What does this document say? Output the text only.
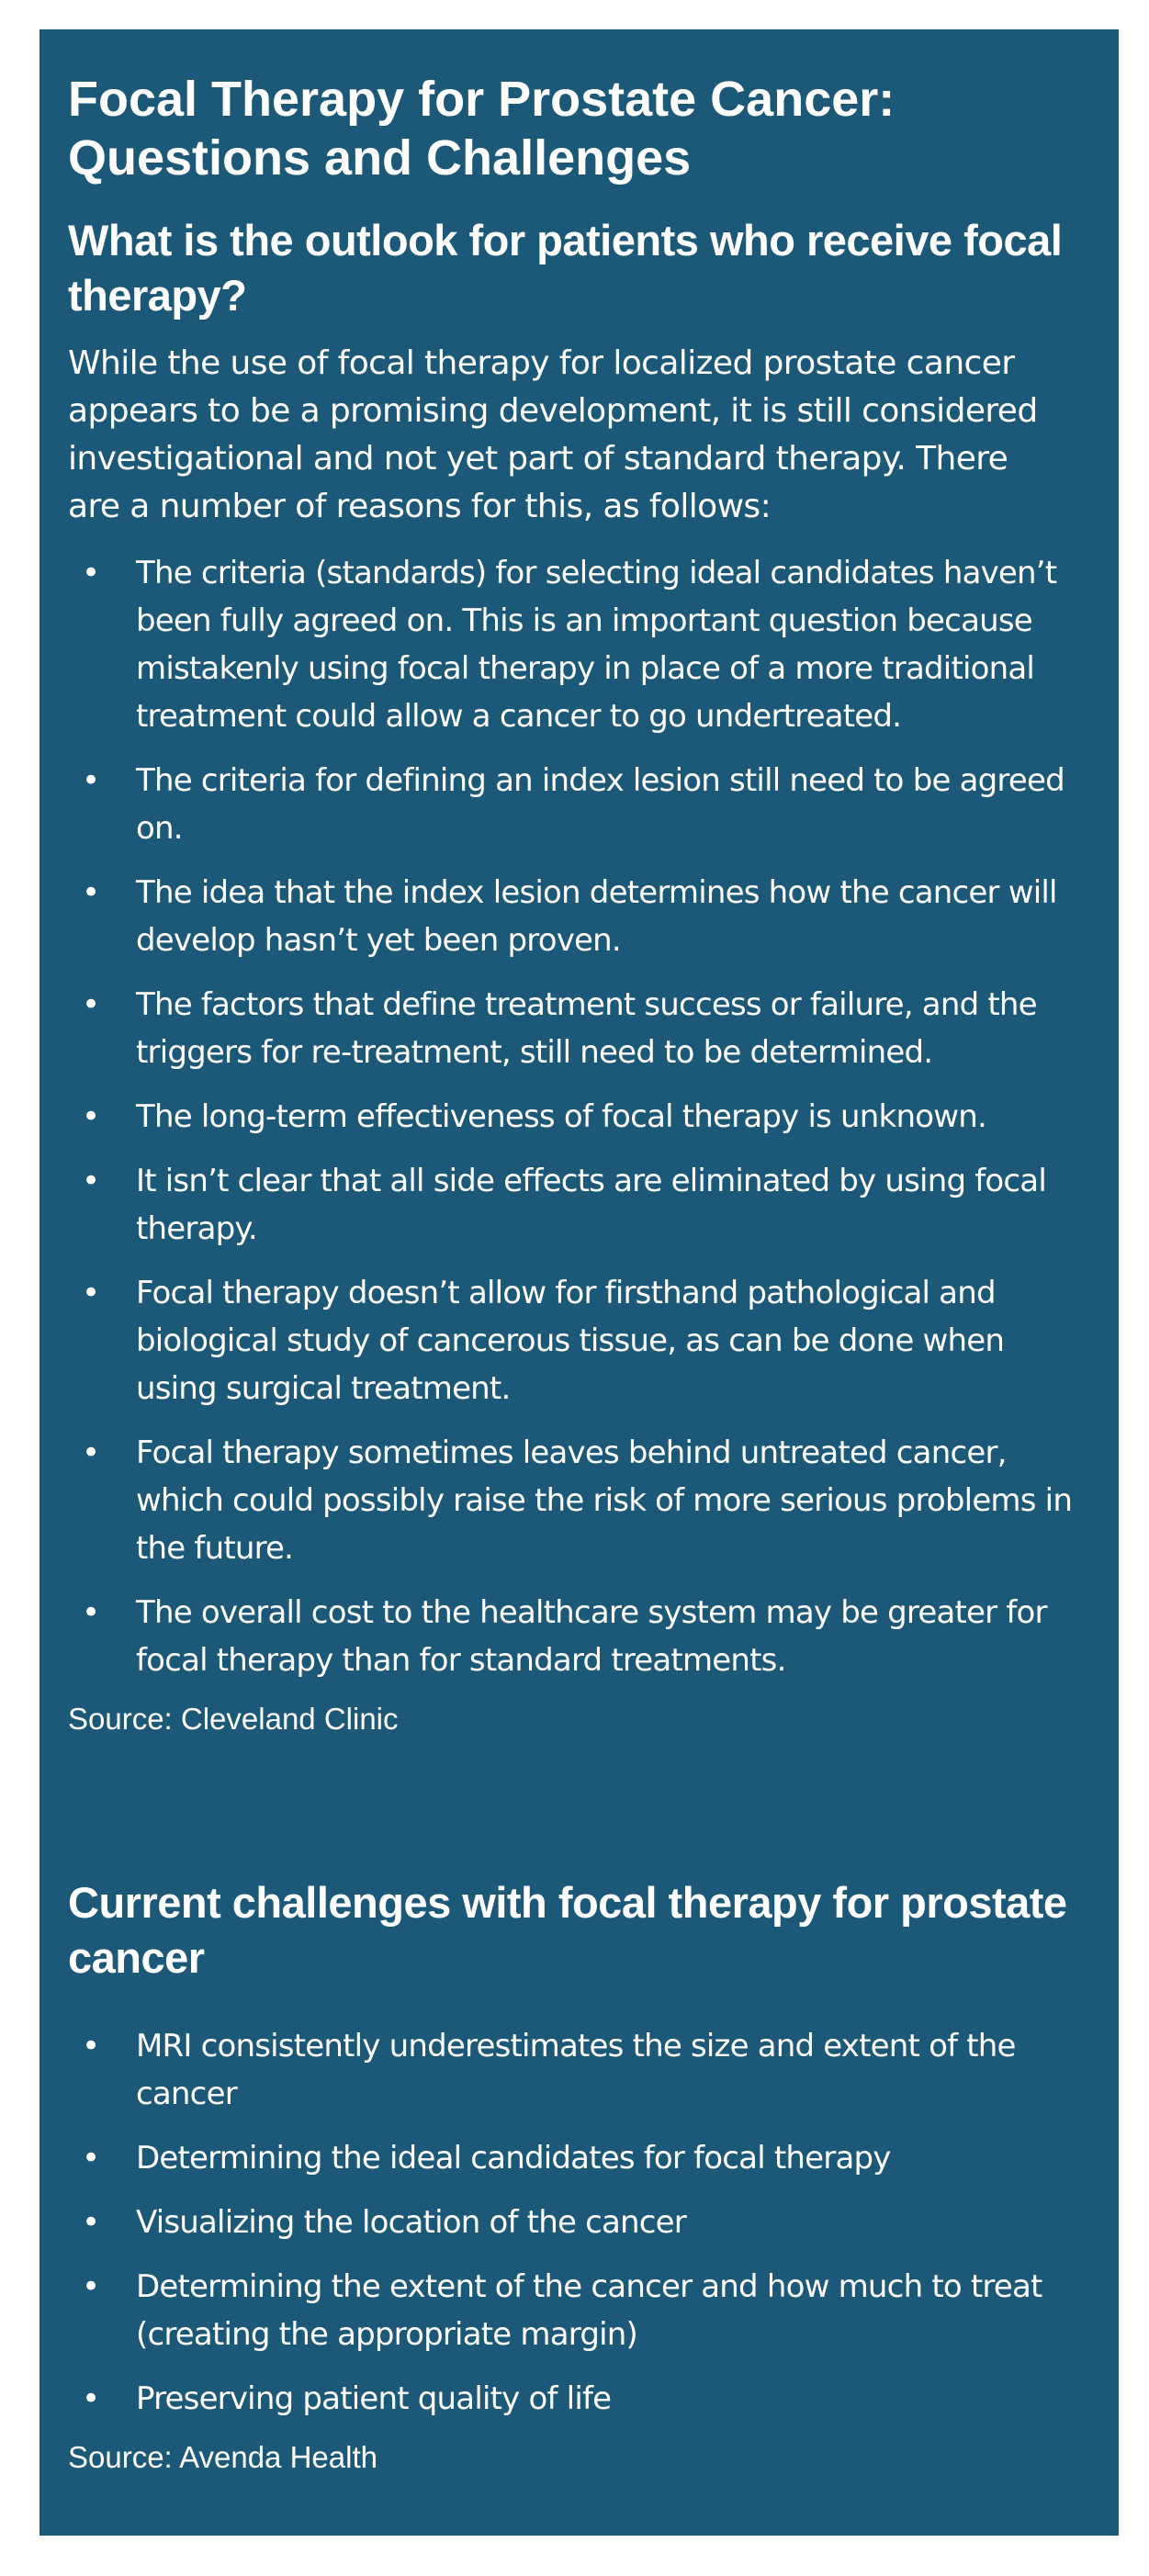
Focal Therapy for Prostate Cancer: Questions and Challenges
What is the outlook for patients who receive focal therapy?

While the use of focal therapy for localized prostate cancer appears to be a promising development, it is still considered investigational and not yet part of standard therapy. There are a number of reasons for this, as follows:

• The criteria (standards) for selecting ideal candidates haven’t been fully agreed on. This is an important question because mistakenly using focal therapy in place of a more traditional treatment could allow a cancer to go undertreated.
• The criteria for defining an index lesion still need to be agreed on.
• The idea that the index lesion determines how the cancer will develop hasn’t yet been proven.
• The factors that define treatment success or failure, and the triggers for re-treatment, still need to be determined.
• The long-term effectiveness of focal therapy is unknown.
• It isn’t clear that all side effects are eliminated by using focal therapy.
• Focal therapy doesn’t allow for firsthand pathological and biological study of cancerous tissue, as can be done when using surgical treatment.
• Focal therapy sometimes leaves behind untreated cancer, which could possibly raise the risk of more serious problems in the future.
• The overall cost to the healthcare system may be greater for focal therapy than for standard treatments.

Source: Cleveland Clinic

Current challenges with focal therapy for prostate cancer
• MRI consistently underestimates the size and extent of the cancer
• Determining the ideal candidates for focal therapy
• Visualizing the location of the cancer
• Determining the extent of the cancer and how much to treat (creating the appropriate margin)
• Preserving patient quality of life

Source: Avenda Health
